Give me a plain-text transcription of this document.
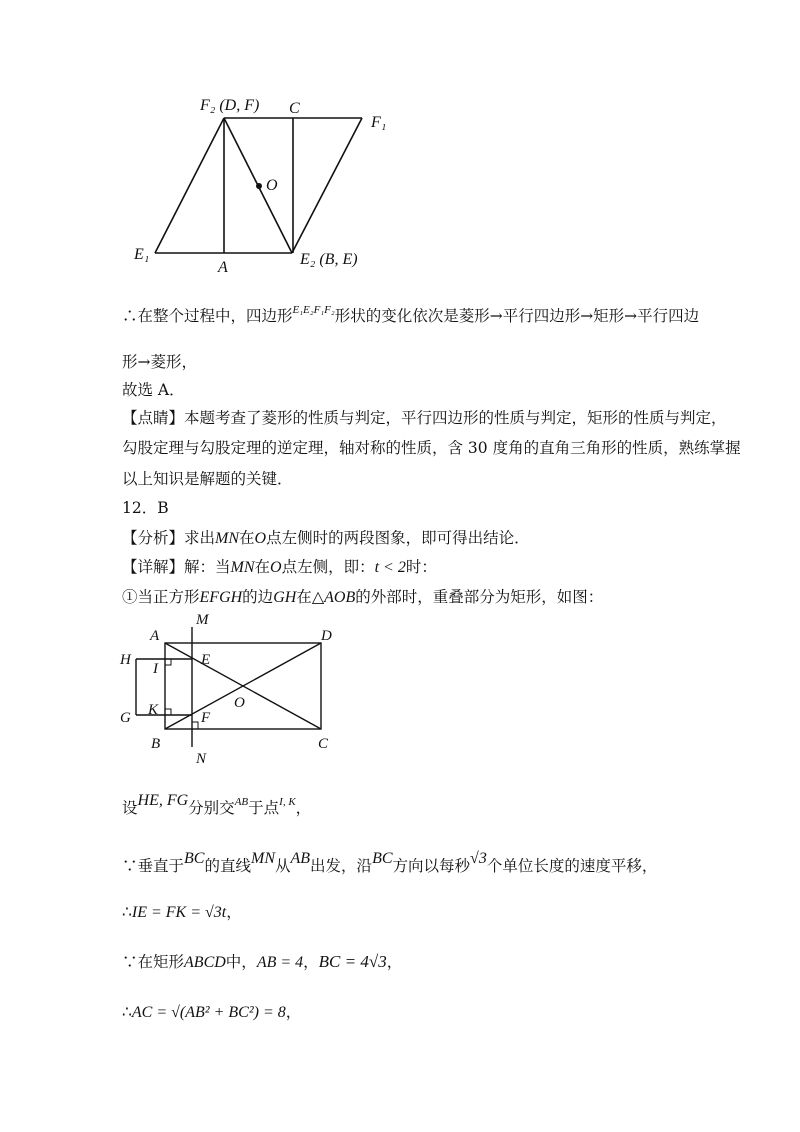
F₂ (D, F) C
F₁
O
E₁
A	E₂ (B, E)
∴在整个过程中，四边形$^{E_1E_2F_1F_2}$形状的变化依次是菱形→平行四边形→矩形→平行四边
形→菱形，
故选 A．
【点睛】本题考查了菱形的性质与判定，平行四边形的性质与判定，矩形的性质与判定，
勾股定理与勾股定理的逆定理，轴对称的性质，含 30 度角的直角三角形的性质，熟练掌握
以上知识是解题的关键．
12．B
【分析】求出MN在O点左侧时的两段图象，即可得出结论．
【详解】解：当MN在O点左侧，即：t < 2时：
①当正方形EFGH的边GH在△AOB的外部时，重叠部分为矩形，如图：
A
M
D
H
I
E
O
G K	F
B	C
N
设HE, FG分别交$^{AB}$于点$^{I, K}$，
∵垂直于BC的直线MN从AB出发，沿BC方向以每秒√3个单位长度的速度平移，
∴IE = FK = √3t，
∵在矩形ABCD中，AB = 4，BC = 4√3，
∴AC = √(AB² + BC²) = 8，
